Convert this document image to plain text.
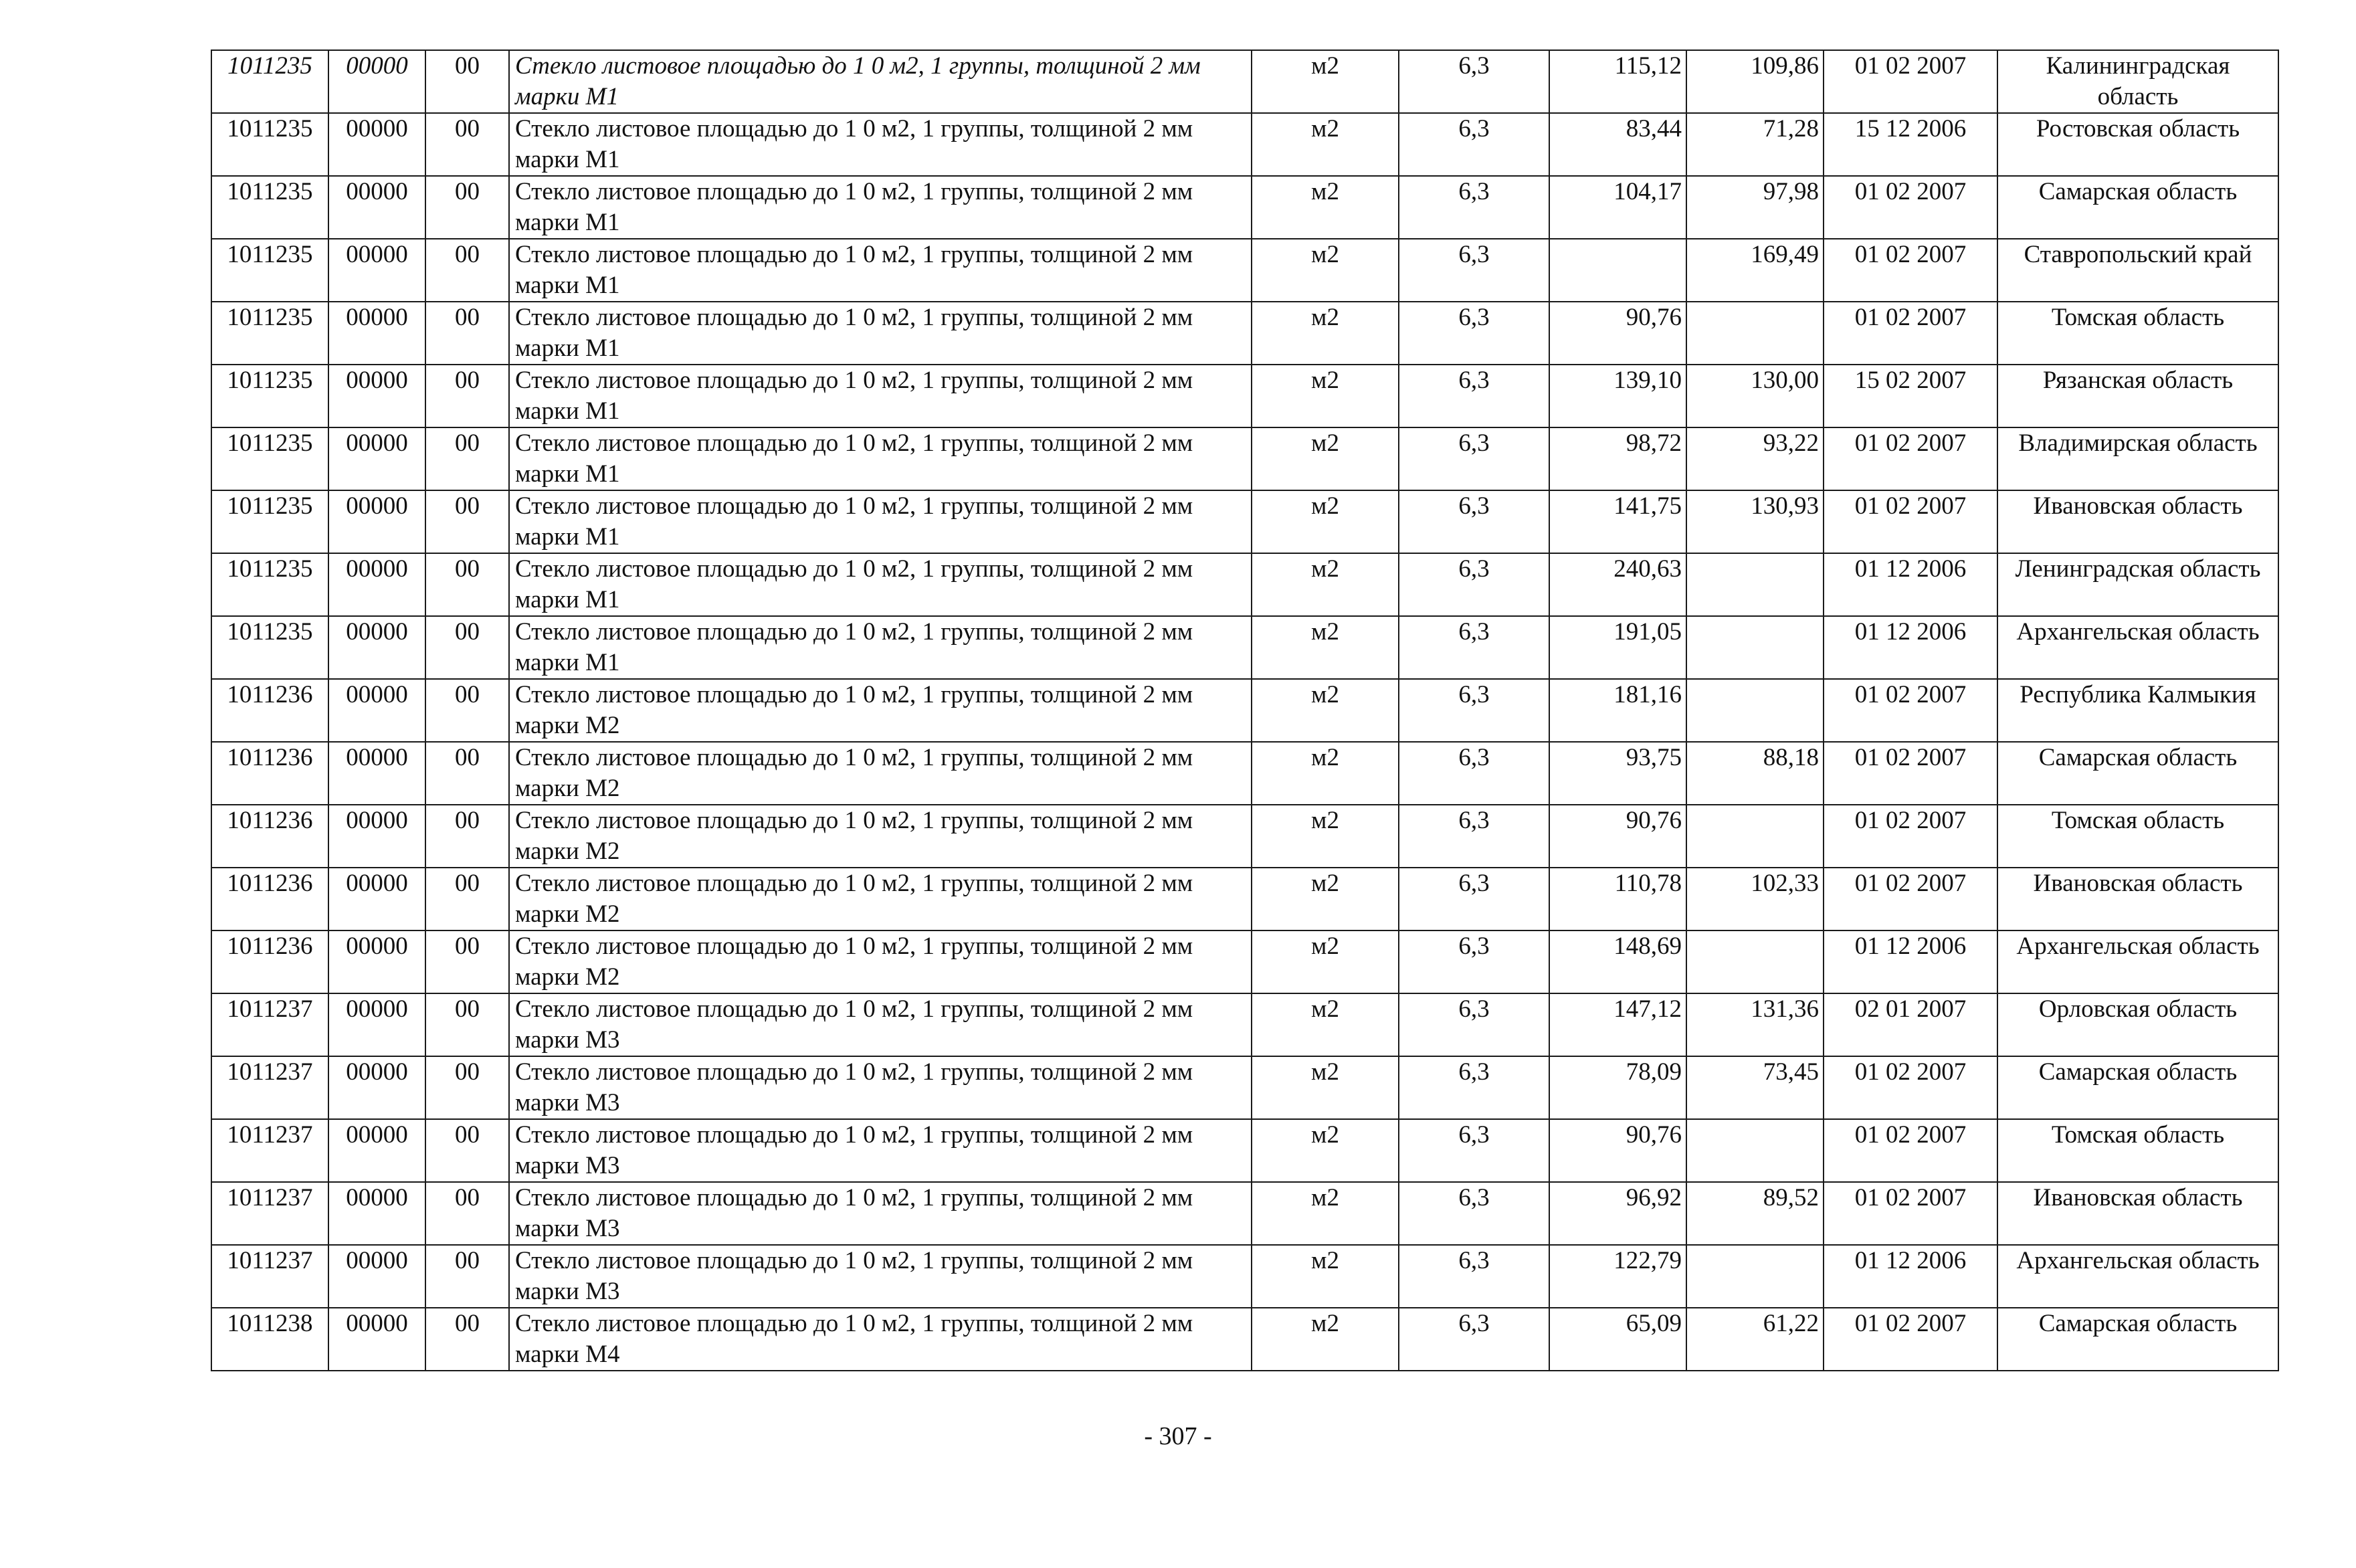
1011235	00000	00	Стекло листовое площадью до 1 0 м2, 1 группы, толщиной 2 мм марки M1	м2	6,3	115,12	109,86	01 02 2007	Калининградская область
1011235	00000	00	Стекло листовое площадью до 1 0 м2, 1 группы, толщиной 2 мм марки M1	м2	6,3	83,44	71,28	15 12 2006	Ростовская область
1011235	00000	00	Стекло листовое площадью до 1 0 м2, 1 группы, толщиной 2 мм марки M1	м2	6,3	104,17	97,98	01 02 2007	Самарская область
1011235	00000	00	Стекло листовое площадью до 1 0 м2, 1 группы, толщиной 2 мм марки M1	м2	6,3		169,49	01 02 2007	Ставропольский край
1011235	00000	00	Стекло листовое площадью до 1 0 м2, 1 группы, толщиной 2 мм марки M1	м2	6,3	90,76		01 02 2007	Томская область
1011235	00000	00	Стекло листовое площадью до 1 0 м2, 1 группы, толщиной 2 мм марки M1	м2	6,3	139,10	130,00	15 02 2007	Рязанская область
1011235	00000	00	Стекло листовое площадью до 1 0 м2, 1 группы, толщиной 2 мм марки M1	м2	6,3	98,72	93,22	01 02 2007	Владимирская область
1011235	00000	00	Стекло листовое площадью до 1 0 м2, 1 группы, толщиной 2 мм марки M1	м2	6,3	141,75	130,93	01 02 2007	Ивановская область
1011235	00000	00	Стекло листовое площадью до 1 0 м2, 1 группы, толщиной 2 мм марки M1	м2	6,3	240,63		01 12 2006	Ленинградская область
1011235	00000	00	Стекло листовое площадью до 1 0 м2, 1 группы, толщиной 2 мм марки M1	м2	6,3	191,05		01 12 2006	Архангельская область
1011236	00000	00	Стекло листовое площадью до 1 0 м2, 1 группы, толщиной 2 мм марки M2	м2	6,3	181,16		01 02 2007	Республика Калмыкия
1011236	00000	00	Стекло листовое площадью до 1 0 м2, 1 группы, толщиной 2 мм марки M2	м2	6,3	93,75	88,18	01 02 2007	Самарская область
1011236	00000	00	Стекло листовое площадью до 1 0 м2, 1 группы, толщиной 2 мм марки M2	м2	6,3	90,76		01 02 2007	Томская область
1011236	00000	00	Стекло листовое площадью до 1 0 м2, 1 группы, толщиной 2 мм марки M2	м2	6,3	110,78	102,33	01 02 2007	Ивановская область
1011236	00000	00	Стекло листовое площадью до 1 0 м2, 1 группы, толщиной 2 мм марки M2	м2	6,3	148,69		01 12 2006	Архангельская область
1011237	00000	00	Стекло листовое площадью до 1 0 м2, 1 группы, толщиной 2 мм марки M3	м2	6,3	147,12	131,36	02 01 2007	Орловская область
1011237	00000	00	Стекло листовое площадью до 1 0 м2, 1 группы, толщиной 2 мм марки M3	м2	6,3	78,09	73,45	01 02 2007	Самарская область
1011237	00000	00	Стекло листовое площадью до 1 0 м2, 1 группы, толщиной 2 мм марки M3	м2	6,3	90,76		01 02 2007	Томская область
1011237	00000	00	Стекло листовое площадью до 1 0 м2, 1 группы, толщиной 2 мм марки M3	м2	6,3	96,92	89,52	01 02 2007	Ивановская область
1011237	00000	00	Стекло листовое площадью до 1 0 м2, 1 группы, толщиной 2 мм марки M3	м2	6,3	122,79		01 12 2006	Архангельская область
1011238	00000	00	Стекло листовое площадью до 1 0 м2, 1 группы, толщиной 2 мм марки M4	м2	6,3	65,09	61,22	01 02 2007	Самарская область
- 307 -
